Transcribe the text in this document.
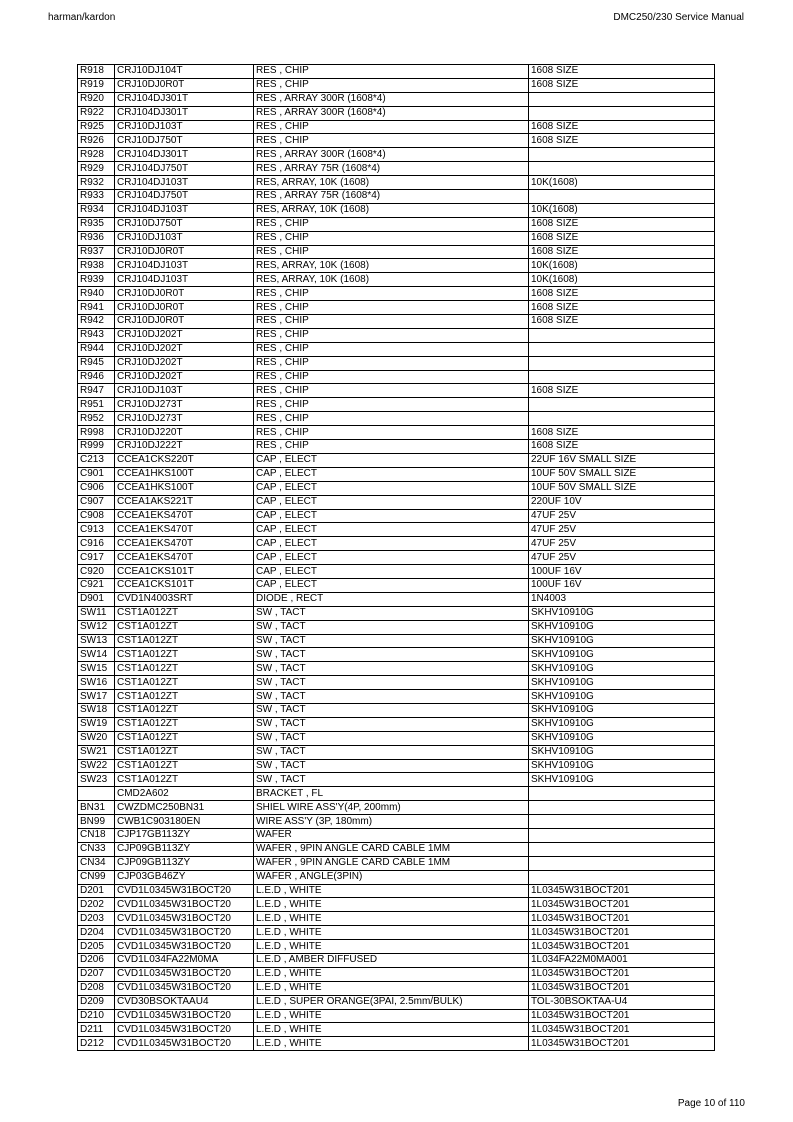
harman/kardon	DMC250/230 Service Manual
R918	CRJ10DJ104T	RES , CHIP	1608 SIZE
R919	CRJ10DJ0R0T	RES , CHIP	1608 SIZE
R920	CRJ104DJ301T	RES , ARRAY 300R (1608*4)	
R922	CRJ104DJ301T	RES , ARRAY 300R (1608*4)	
R925	CRJ10DJ103T	RES , CHIP	1608 SIZE
R926	CRJ10DJ750T	RES , CHIP	1608 SIZE
R928	CRJ104DJ301T	RES , ARRAY 300R (1608*4)	
R929	CRJ104DJ750T	RES , ARRAY 75R (1608*4)	
R932	CRJ104DJ103T	RES, ARRAY, 10K (1608)	10K(1608)
R933	CRJ104DJ750T	RES , ARRAY 75R (1608*4)	
R934	CRJ104DJ103T	RES, ARRAY, 10K (1608)	10K(1608)
R935	CRJ10DJ750T	RES , CHIP	1608 SIZE
R936	CRJ10DJ103T	RES , CHIP	1608 SIZE
R937	CRJ10DJ0R0T	RES , CHIP	1608 SIZE
R938	CRJ104DJ103T	RES, ARRAY, 10K (1608)	10K(1608)
R939	CRJ104DJ103T	RES, ARRAY, 10K (1608)	10K(1608)
R940	CRJ10DJ0R0T	RES , CHIP	1608 SIZE
R941	CRJ10DJ0R0T	RES , CHIP	1608 SIZE
R942	CRJ10DJ0R0T	RES , CHIP	1608 SIZE
R943	CRJ10DJ202T	RES , CHIP	
R944	CRJ10DJ202T	RES , CHIP	
R945	CRJ10DJ202T	RES , CHIP	
R946	CRJ10DJ202T	RES , CHIP	
R947	CRJ10DJ103T	RES , CHIP	1608 SIZE
R951	CRJ10DJ273T	RES , CHIP	
R952	CRJ10DJ273T	RES , CHIP	
R998	CRJ10DJ220T	RES , CHIP	1608 SIZE
R999	CRJ10DJ222T	RES , CHIP	1608 SIZE
C213	CCEA1CKS220T	CAP , ELECT	22UF 16V SMALL SIZE
C901	CCEA1HKS100T	CAP , ELECT	10UF 50V SMALL SIZE
C906	CCEA1HKS100T	CAP , ELECT	10UF 50V SMALL SIZE
C907	CCEA1AKS221T	CAP , ELECT	220UF 10V
C908	CCEA1EKS470T	CAP , ELECT	47UF 25V
C913	CCEA1EKS470T	CAP , ELECT	47UF 25V
C916	CCEA1EKS470T	CAP , ELECT	47UF 25V
C917	CCEA1EKS470T	CAP , ELECT	47UF 25V
C920	CCEA1CKS101T	CAP , ELECT	100UF 16V
C921	CCEA1CKS101T	CAP , ELECT	100UF 16V
D901	CVD1N4003SRT	DIODE , RECT	1N4003
SW11	CST1A012ZT	SW , TACT	SKHV10910G
SW12	CST1A012ZT	SW , TACT	SKHV10910G
SW13	CST1A012ZT	SW , TACT	SKHV10910G
SW14	CST1A012ZT	SW , TACT	SKHV10910G
SW15	CST1A012ZT	SW , TACT	SKHV10910G
SW16	CST1A012ZT	SW , TACT	SKHV10910G
SW17	CST1A012ZT	SW , TACT	SKHV10910G
SW18	CST1A012ZT	SW , TACT	SKHV10910G
SW19	CST1A012ZT	SW , TACT	SKHV10910G
SW20	CST1A012ZT	SW , TACT	SKHV10910G
SW21	CST1A012ZT	SW , TACT	SKHV10910G
SW22	CST1A012ZT	SW , TACT	SKHV10910G
SW23	CST1A012ZT	SW , TACT	SKHV10910G
	CMD2A602	BRACKET , FL	
BN31	CWZDMC250BN31	SHIEL WIRE ASS'Y(4P, 200mm)	
BN99	CWB1C903180EN	WIRE ASS'Y (3P, 180mm)	
CN18	CJP17GB113ZY	WAFER	
CN33	CJP09GB113ZY	WAFER , 9PIN ANGLE CARD CABLE 1MM	
CN34	CJP09GB113ZY	WAFER , 9PIN ANGLE CARD CABLE 1MM	
CN99	CJP03GB46ZY	WAFER , ANGLE(3PIN)	
D201	CVD1L0345W31BOCT20	L.E.D , WHITE	1L0345W31BOCT201
D202	CVD1L0345W31BOCT20	L.E.D , WHITE	1L0345W31BOCT201
D203	CVD1L0345W31BOCT20	L.E.D , WHITE	1L0345W31BOCT201
D204	CVD1L0345W31BOCT20	L.E.D , WHITE	1L0345W31BOCT201
D205	CVD1L0345W31BOCT20	L.E.D , WHITE	1L0345W31BOCT201
D206	CVD1L034FA22M0MA	L.E.D , AMBER DIFFUSED	1L034FA22M0MA001
D207	CVD1L0345W31BOCT20	L.E.D , WHITE	1L0345W31BOCT201
D208	CVD1L0345W31BOCT20	L.E.D , WHITE	1L0345W31BOCT201
D209	CVD30BSOKTAAU4	L.E.D , SUPER ORANGE(3PAI, 2.5mm/BULK)	TOL-30BSOKTAA-U4
D210	CVD1L0345W31BOCT20	L.E.D , WHITE	1L0345W31BOCT201
D211	CVD1L0345W31BOCT20	L.E.D , WHITE	1L0345W31BOCT201
D212	CVD1L0345W31BOCT20	L.E.D , WHITE	1L0345W31BOCT201
Page 10 of 110
